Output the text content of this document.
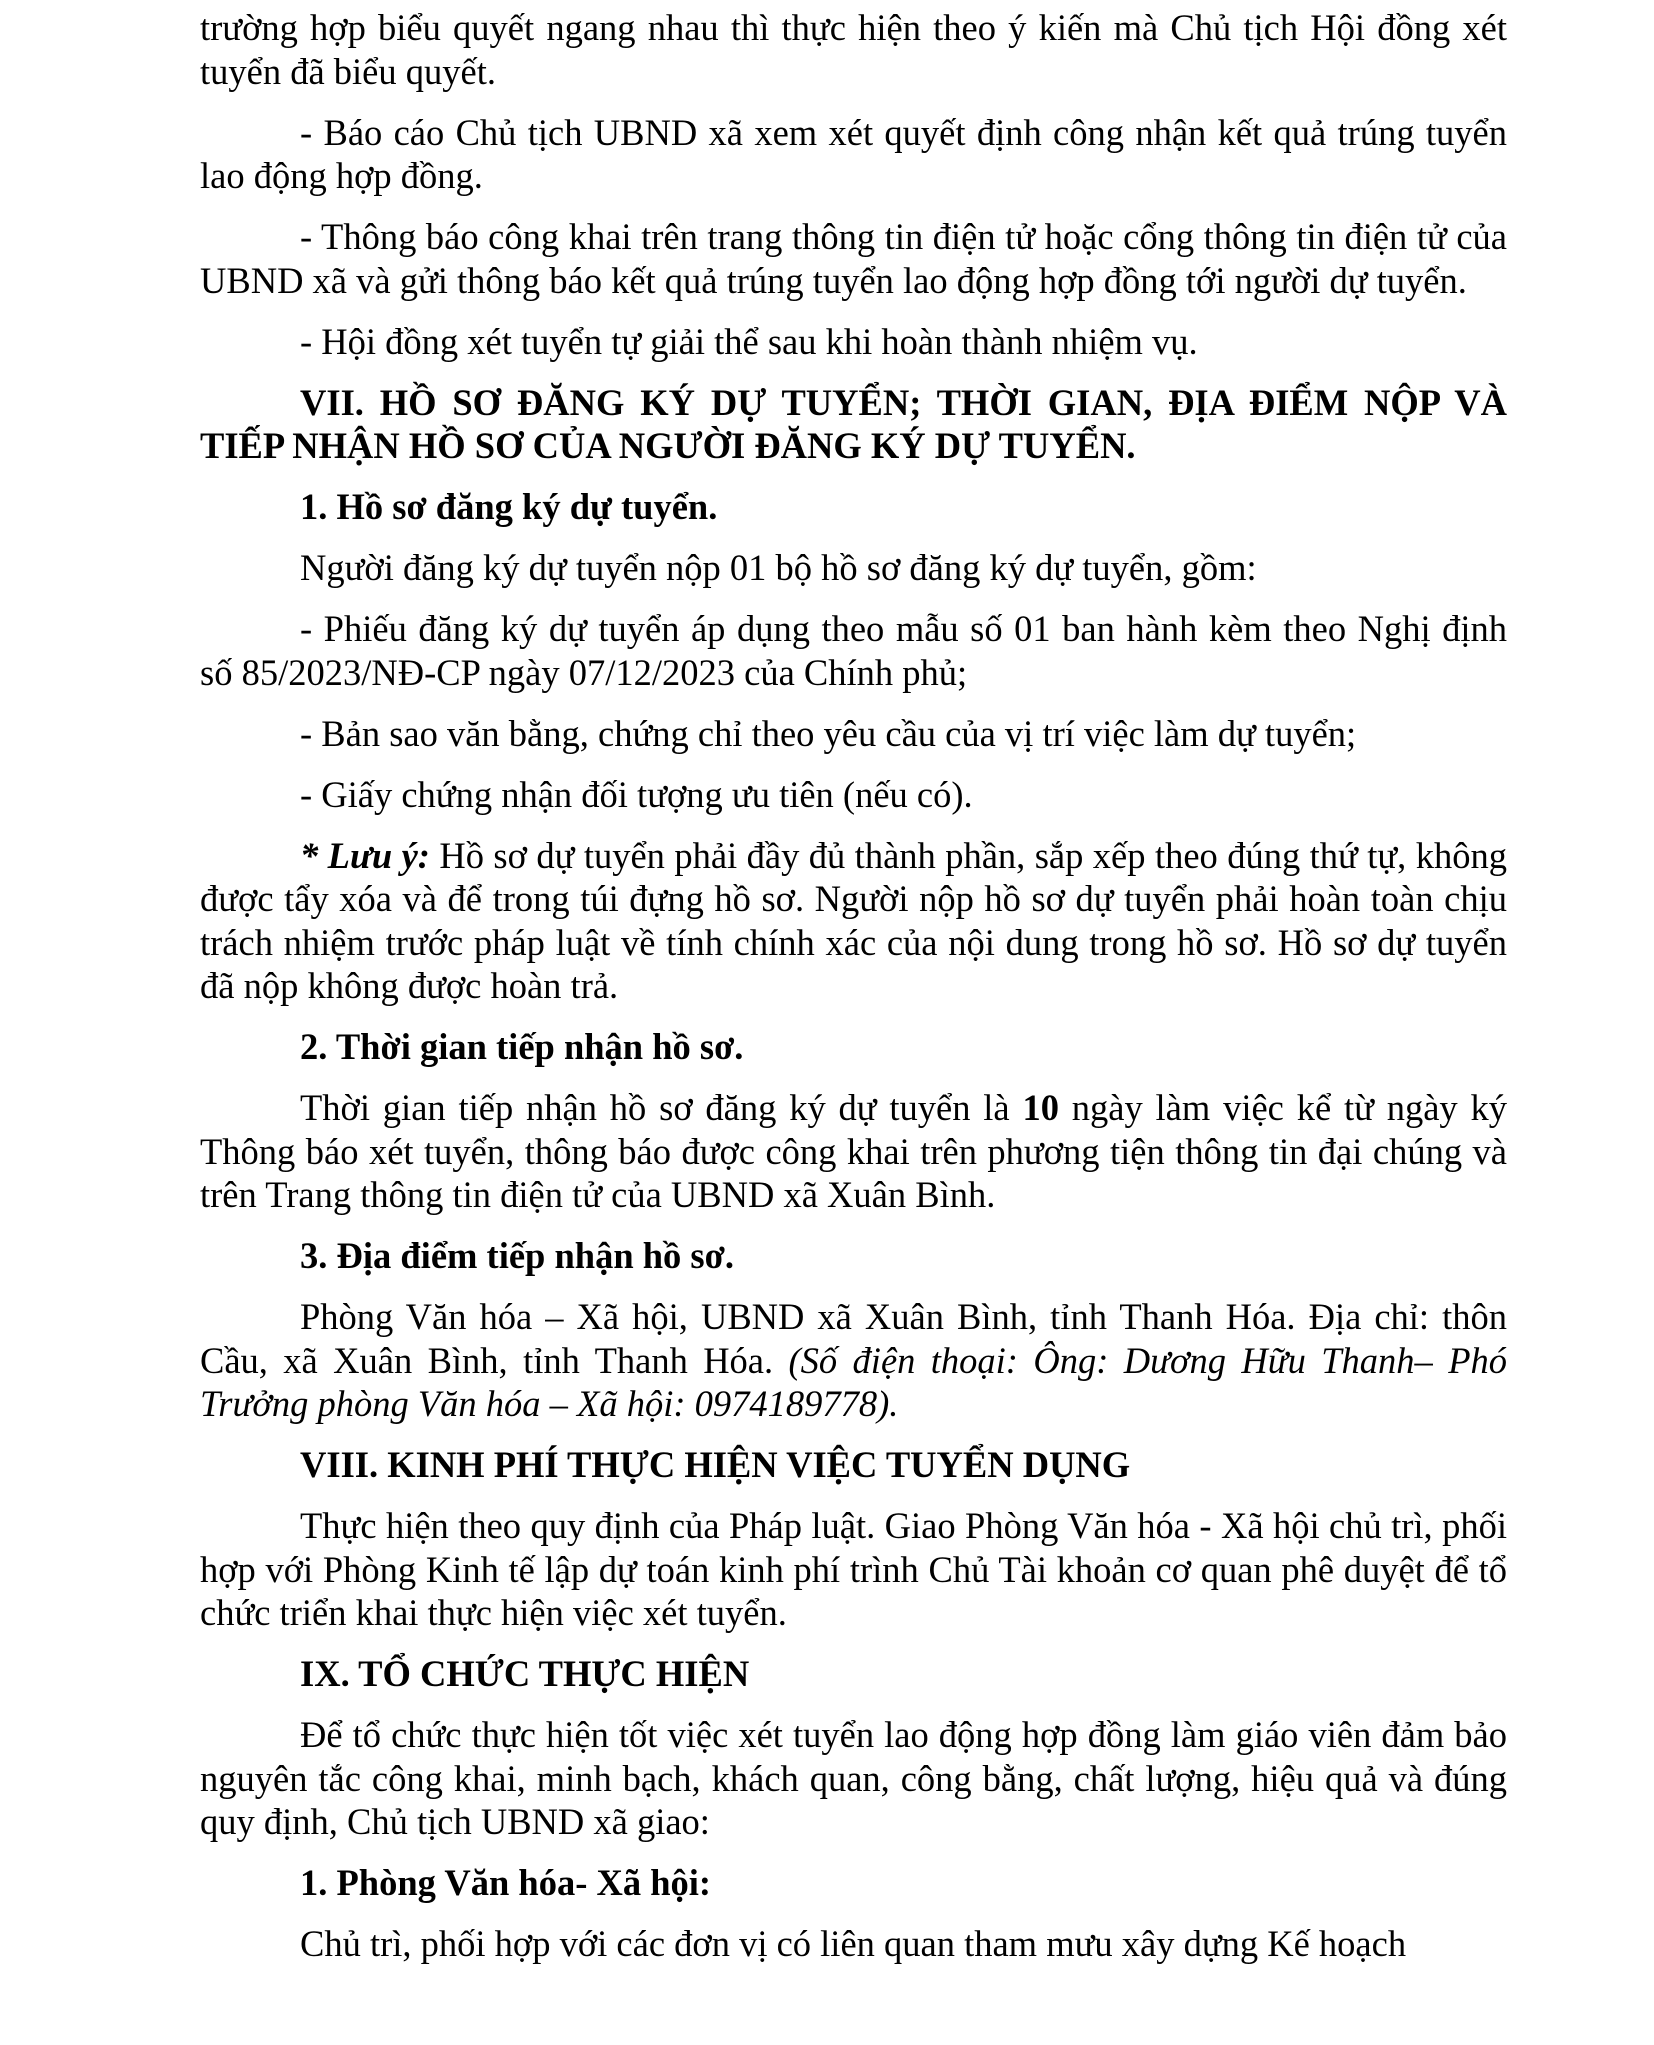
trường hợp biểu quyết ngang nhau thì thực hiện theo ý kiến mà Chủ tịch Hội đồng xét tuyển đã biểu quyết.

- Báo cáo Chủ tịch UBND xã xem xét quyết định công nhận kết quả trúng tuyển lao động hợp đồng.

- Thông báo công khai trên trang thông tin điện tử hoặc cổng thông tin điện tử của UBND xã và gửi thông báo kết quả trúng tuyển lao động hợp đồng tới người dự tuyển.

- Hội đồng xét tuyển tự giải thể sau khi hoàn thành nhiệm vụ.

VII. HỒ SƠ ĐĂNG KÝ DỰ TUYỂN; THỜI GIAN, ĐỊA ĐIỂM NỘP VÀ TIẾP NHẬN HỒ SƠ CỦA NGƯỜI ĐĂNG KÝ DỰ TUYỂN.

1. Hồ sơ đăng ký dự tuyển.

Người đăng ký dự tuyển nộp 01 bộ hồ sơ đăng ký dự tuyển, gồm:

- Phiếu đăng ký dự tuyển áp dụng theo mẫu số 01 ban hành kèm theo Nghị định số 85/2023/NĐ-CP ngày 07/12/2023 của Chính phủ;

- Bản sao văn bằng, chứng chỉ theo yêu cầu của vị trí việc làm dự tuyển;

- Giấy chứng nhận đối tượng ưu tiên (nếu có).

* Lưu ý: Hồ sơ dự tuyển phải đầy đủ thành phần, sắp xếp theo đúng thứ tự, không được tẩy xóa và để trong túi đựng hồ sơ. Người nộp hồ sơ dự tuyển phải hoàn toàn chịu trách nhiệm trước pháp luật về tính chính xác của nội dung trong hồ sơ. Hồ sơ dự tuyển đã nộp không được hoàn trả.

2. Thời gian tiếp nhận hồ sơ.

Thời gian tiếp nhận hồ sơ đăng ký dự tuyển là 10 ngày làm việc kể từ ngày ký Thông báo xét tuyển, thông báo được công khai trên phương tiện thông tin đại chúng và trên Trang thông tin điện tử của UBND xã Xuân Bình.

3. Địa điểm tiếp nhận hồ sơ.

Phòng Văn hóa – Xã hội, UBND xã Xuân Bình, tỉnh Thanh Hóa. Địa chỉ: thôn Cầu, xã Xuân Bình, tỉnh Thanh Hóa. (Số điện thoại: Ông: Dương Hữu Thanh– Phó Trưởng phòng Văn hóa – Xã hội: 0974189778).

VIII. KINH PHÍ THỰC HIỆN VIỆC TUYỂN DỤNG

Thực hiện theo quy định của Pháp luật. Giao Phòng Văn hóa - Xã hội chủ trì, phối hợp với Phòng Kinh tế lập dự toán kinh phí trình Chủ Tài khoản cơ quan phê duyệt để tổ chức triển khai thực hiện việc xét tuyển.

IX. TỔ CHỨC THỰC HIỆN

Để tổ chức thực hiện tốt việc xét tuyển lao động hợp đồng làm giáo viên đảm bảo nguyên tắc công khai, minh bạch, khách quan, công bằng, chất lượng, hiệu quả và đúng quy định, Chủ tịch UBND xã giao:

1. Phòng Văn hóa- Xã hội:

Chủ trì, phối hợp với các đơn vị có liên quan tham mưu xây dựng Kế hoạch
